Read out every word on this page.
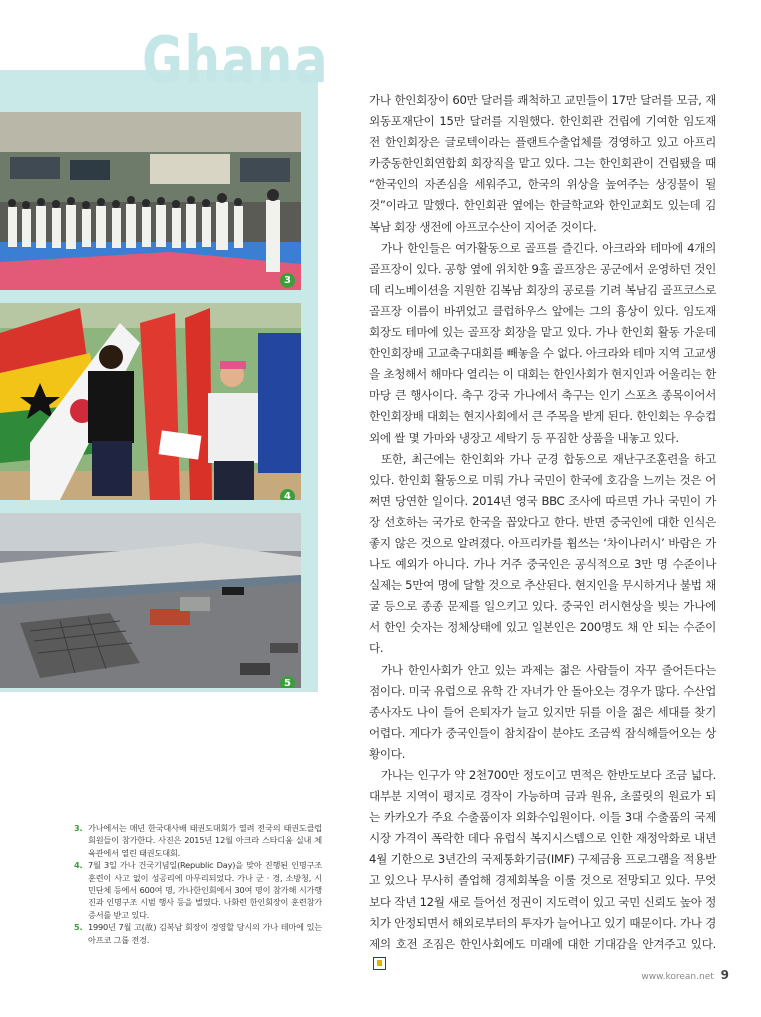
Ghana
3
4
5

가나 한인회장이 60만 달러를 쾌척하고 교민들이 17만 달러를 모금, 재외동포재단이 15만 달러를 지원했다. 한인회관 건립에 기여한 임도재 전 한인회장은 글로텍이라는 플랜트수출업체를 경영하고 있고 아프리카중동한인회연합회 회장직을 맡고 있다. 그는 한인회관이 건립됐을 때 “한국인의 자존심을 세워주고, 한국의 위상을 높여주는 상징물이 될 것”이라고 말했다. 한인회관 옆에는 한글학교와 한인교회도 있는데 김복남 회장 생전에 아프코수산이 지어준 것이다.

가나 한인들은 여가활동으로 골프를 즐긴다. 아크라와 테마에 4개의 골프장이 있다. 공항 옆에 위치한 9홀 골프장은 공군에서 운영하던 것인데 리노베이션을 지원한 김복남 회장의 공로를 기려 복남김 골프코스로 골프장 이름이 바뀌었고 클럽하우스 앞에는 그의 흉상이 있다. 임도재 회장도 테마에 있는 골프장 회장을 맡고 있다. 가나 한인회 활동 가운데 한인회장배 고교축구대회를 빼놓을 수 없다. 아크라와 테마 지역 고교생을 초청해서 해마다 열리는 이 대회는 한인사회가 현지인과 어울리는 한마당 큰 행사이다. 축구 강국 가나에서 축구는 인기 스포츠 종목이어서 한인회장배 대회는 현지사회에서 큰 주목을 받게 된다. 한인회는 우승컵 외에 쌀 몇 가마와 냉장고 세탁기 등 푸짐한 상품을 내놓고 있다.

또한, 최근에는 한인회와 가나 군경 합동으로 재난구조훈련을 하고 있다. 한인회 활동으로 미뤄 가나 국민이 한국에 호감을 느끼는 것은 어쩌면 당연한 일이다. 2014년 영국 BBC 조사에 따르면 가나 국민이 가장 선호하는 국가로 한국을 꼽았다고 한다. 반면 중국인에 대한 인식은 좋지 않은 것으로 알려졌다. 아프리카를 휩쓰는 ‘차이나러시’ 바람은 가나도 예외가 아니다. 가나 거주 중국인은 공식적으로 3만 명 수준이나 실제는 5만여 명에 달할 것으로 추산된다. 현지인을 무시하거나 불법 채굴 등으로 종종 문제를 일으키고 있다. 중국인 러시현상을 빚는 가나에서 한인 숫자는 정체상태에 있고 일본인은 200명도 채 안 되는 수준이다.

가나 한인사회가 안고 있는 과제는 젊은 사람들이 자꾸 줄어든다는 점이다. 미국 유럽으로 유학 간 자녀가 안 돌아오는 경우가 많다. 수산업 종사자도 나이 들어 은퇴자가 늘고 있지만 뒤를 이을 젊은 세대를 찾기 어렵다. 게다가 중국인들이 참치잡이 분야도 조금씩 잠식해들어오는 상황이다.

가나는 인구가 약 2천700만 정도이고 면적은 한반도보다 조금 넓다. 대부분 지역이 평지로 경작이 가능하며 금과 원유, 초콜릿의 원료가 되는 카카오가 주요 수출품이자 외화수입원이다. 이들 3대 수출품의 국제시장 가격이 폭락한 데다 유럽식 복지시스템으로 인한 재정악화로 내년 4월 기한으로 3년간의 국제통화기금(IMF) 구제금융 프로그램을 적용받고 있으나 무사히 졸업해 경제회복을 이룰 것으로 전망되고 있다. 무엇보다 작년 12월 새로 들어선 정권이 지도력이 있고 국민 신뢰도 높아 정치가 안정되면서 해외로부터의 투자가 늘어나고 있기 때문이다. 가나 경제의 호전 조짐은 한인사회에도 미래에 대한 기대감을 안겨주고 있다.

3. 가나에서는 매년 한국대사배 태권도대회가 열려 전국의 태권도클럽 회원들이 참가한다. 사진은 2015년 12월 아크라 스타디움 실내 체육관에서 열린 태권도대회.
4. 7월 3일 가나 건국기념일(Republic Day)을 맞아 진행된 인명구조훈련이 사고 없이 성공리에 마무리되었다. 가나 군 · 경, 소방청, 시민단체 등에서 600여 명, 가나한인회에서 30여 명이 참가해 시가행진과 인명구조 시범 행사 등을 벌였다. 나화련 한인회장이 훈련참가증서를 받고 있다.
5. 1990년 7월 고(故) 김복남 회장이 경영할 당시의 가나 테마에 있는 아프코 그룹 전경.
www.korean.net 9
